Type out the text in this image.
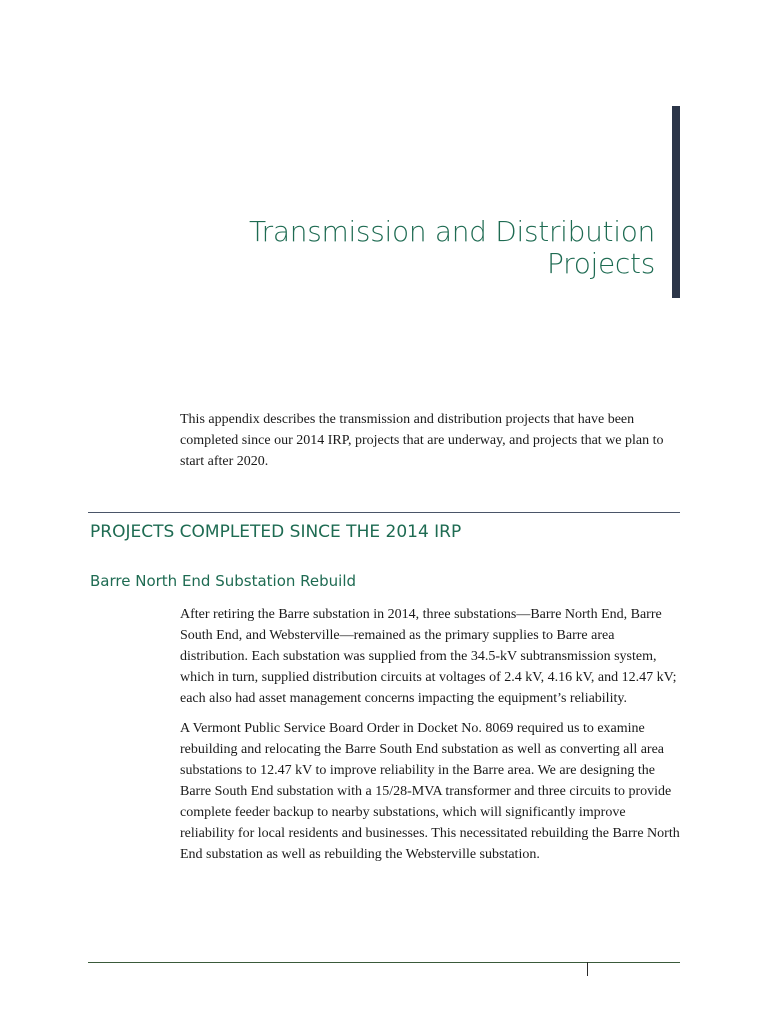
Transmission and Distribution
Projects
This appendix describes the transmission and distribution projects that have been completed since our 2014 IRP, projects that are underway, and projects that we plan to start after 2020.
PROJECTS COMPLETED SINCE THE 2014 IRP
Barre North End Substation Rebuild

After retiring the Barre substation in 2014, three substations—Barre North End, Barre South End, and Websterville—remained as the primary supplies to Barre area distribution. Each substation was supplied from the 34.5-kV subtransmission system, which in turn, supplied distribution circuits at voltages of 2.4 kV, 4.16 kV, and 12.47 kV; each also had asset management concerns impacting the equipment’s reliability.

A Vermont Public Service Board Order in Docket No. 8069 required us to examine rebuilding and relocating the Barre South End substation as well as converting all area substations to 12.47 kV to improve reliability in the Barre area. We are designing the Barre South End substation with a 15/28-MVA transformer and three circuits to provide complete feeder backup to nearby substations, which will significantly improve reliability for local residents and businesses. This necessitated rebuilding the Barre North End substation as well as rebuilding the Websterville substation.
